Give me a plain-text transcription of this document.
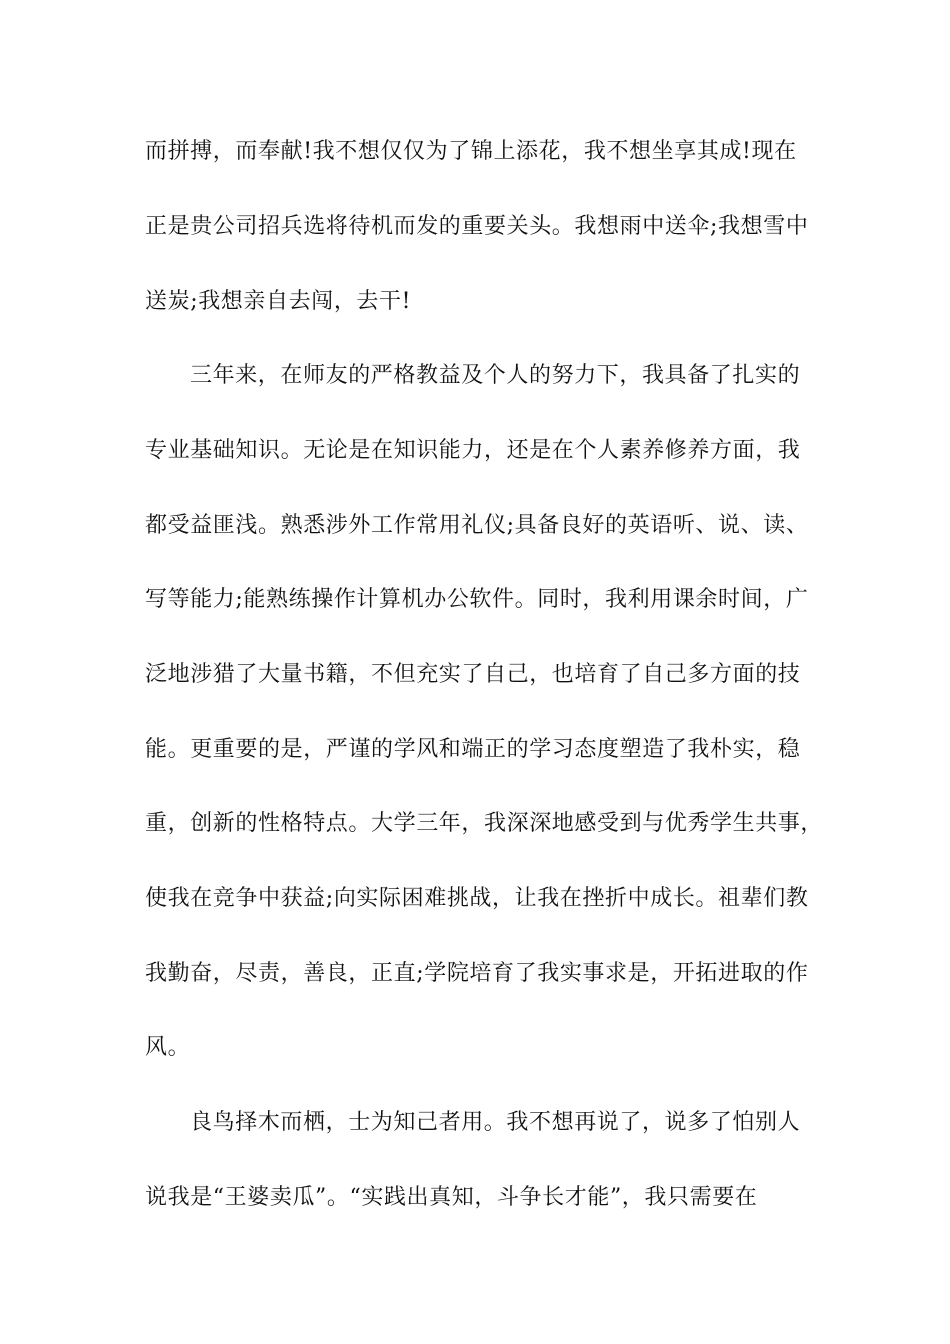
而拼搏，而奉献!我不想仅仅为了锦上添花，我不想坐享其成!现在

正是贵公司招兵选将待机而发的重要关头。我想雨中送伞;我想雪中

送炭;我想亲自去闯，去干!

三年来，在师友的严格教益及个人的努力下，我具备了扎实的

专业基础知识。无论是在知识能力，还是在个人素养修养方面，我

都受益匪浅。熟悉涉外工作常用礼仪;具备良好的英语听、说、读、

写等能力;能熟练操作计算机办公软件。同时，我利用课余时间，广

泛地涉猎了大量书籍，不但充实了自己，也培育了自己多方面的技

能。更重要的是，严谨的学风和端正的学习态度塑造了我朴实，稳

重，创新的性格特点。大学三年，我深深地感受到与优秀学生共事，

使我在竞争中获益;向实际困难挑战，让我在挫折中成长。祖辈们教

我勤奋，尽责，善良，正直;学院培育了我实事求是，开拓进取的作

风。

良鸟择木而栖，士为知己者用。我不想再说了，说多了怕别人

说我是“王婆卖瓜”。“实践出真知，斗争长才能”，我只需要在
